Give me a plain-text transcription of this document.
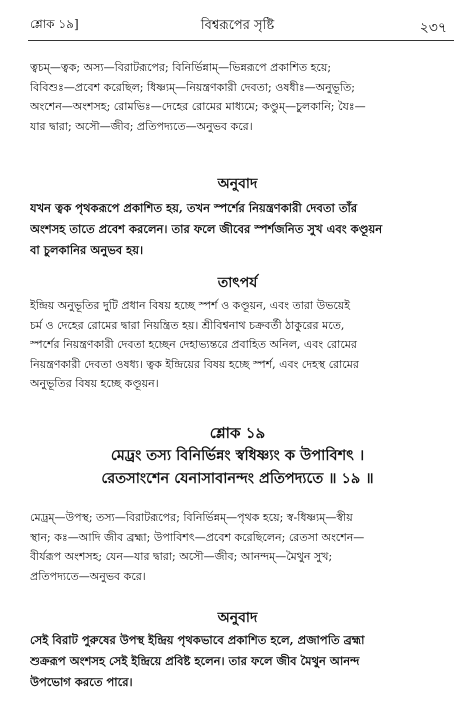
শ্লোক ১৯]	বিশ্বরূপের সৃষ্টি	২৩৭
ত্বচম্—ত্বক; অস্য—বিরাটরূপের; বিনির্ভিন্নাম্—ভিন্নরূপে প্রকাশিত হয়ে;
বিবিশুঃ—প্রবেশ করেছিল; ধিষ্ণ্যম্—নিয়ন্ত্রণকারী দেবতা; ওষধীঃ—অনুভূতি;
অংশেন—অংশসহ; রোমভিঃ—দেহের রোমের মাধ্যমে; কণ্ডুম্—চুলকানি; যৈঃ—
যার দ্বারা; অসৌ—জীব; প্রতিপদ্যতে—অনুভব করে।
অনুবাদ
যখন ত্বক পৃথকরূপে প্রকাশিত হয়, তখন স্পর্শের নিয়ন্ত্রণকারী দেবতা তাঁর
অংশসহ তাতে প্রবেশ করলেন। তার ফলে জীবের স্পর্শজনিত সুখ এবং কণ্ডূয়ন
বা চুলকানির অনুভব হয়।
তাৎপর্য
ইন্দ্রিয় অনুভূতির দুটি প্রধান বিষয় হচ্ছে স্পর্শ ও কণ্ডূয়ন, এবং তারা উভয়েই
চর্ম ও দেহের রোমের দ্বারা নিয়ন্ত্রিত হয়। শ্রীবিশ্বনাথ চক্রবর্তী ঠাকুরের মতে,
স্পর্শের নিয়ন্ত্রণকারী দেবতা হচ্ছেন দেহাভ্যন্তরে প্রবাহিত অনিল, এবং রোমের
নিয়ন্ত্রণকারী দেবতা ওষধ্য। ত্বক ইন্দ্রিয়ের বিষয় হচ্ছে স্পর্শ, এবং দেহস্থ রোমের
অনুভূতির বিষয় হচ্ছে কণ্ডূয়ন।
শ্লোক ১৯
মেঢ্রং তস্য বিনির্ভিন্নং স্বধিষ্ণ্যং ক উপাবিশৎ ।
রেতসাংশেন যেনাসাবানন্দং প্রতিপদ্যতে ॥ ১৯ ॥
মেঢ্রম্—উপস্থ; তস্য—বিরাটরূপের; বিনির্ভিন্নম্—পৃথক হয়ে; স্ব-ধিষ্ণ্যম্—স্বীয়
স্থান; কঃ—আদি জীব ব্রহ্মা; উপাবিশৎ—প্রবেশ করেছিলেন; রেতসা অংশেন—
বীর্যরূপ অংশসহ; যেন—যার দ্বারা; অসৌ—জীব; আনন্দম্—মৈথুন সুখ;
প্রতিপদ্যতে—অনুভব করে।
অনুবাদ
সেই বিরাট পুরুষের উপস্থ ইন্দ্রিয় পৃথকভাবে প্রকাশিত হলে, প্রজাপতি ব্রহ্মা
শুক্ররূপ অংশসহ সেই ইন্দ্রিয়ে প্রবিষ্ট হলেন। তার ফলে জীব মৈথুন আনন্দ
উপভোগ করতে পারে।
